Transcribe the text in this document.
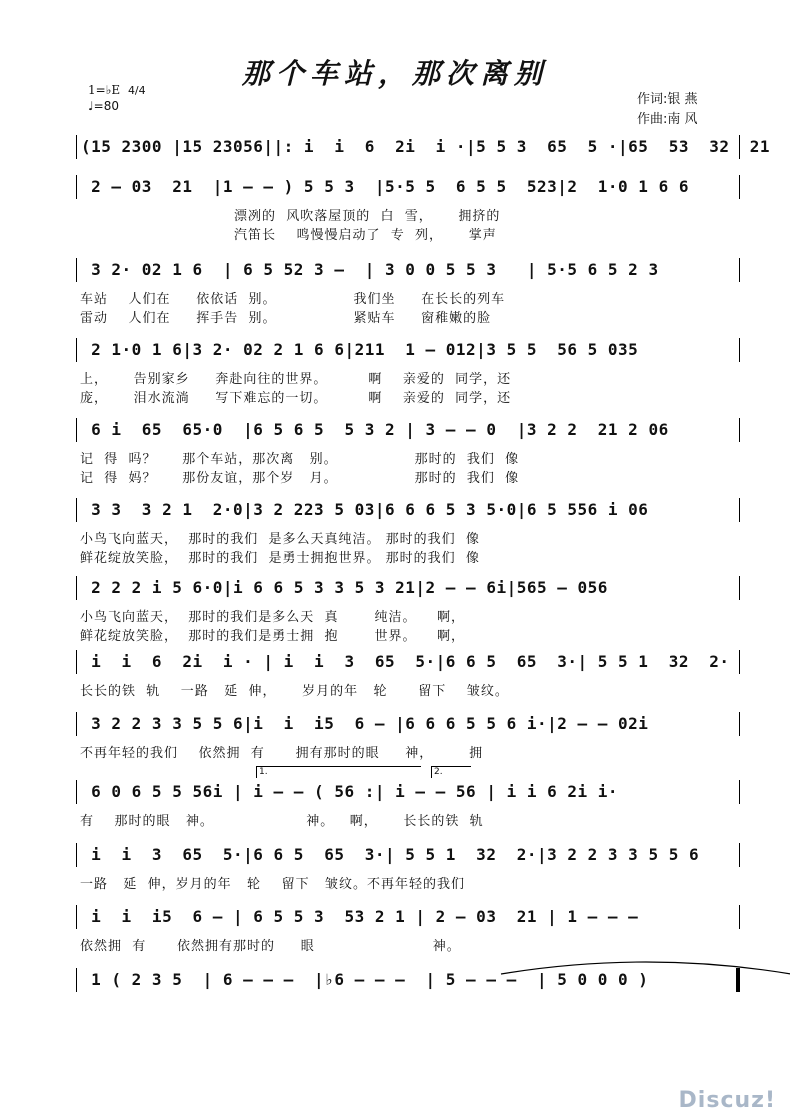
那个车站，那次离别
1=♭E 4/4
♩=80	作词:银 燕
作曲:南 风
(15 2300 |15 23056||: i  i  6  2i  i ·|5 5 3  65  5 ·|65  53  32  21
2 – 03  21  |1 – – ) 5 5 3  |5·5 5  6 5 5  523|2  1·0 1 6 6
漂冽的  风吹落屋顶的  白  雪，     拥挤的
汽笛长    鸣慢慢启动了  专  列，     掌声
3 2· 02 1 6  | 6 5 52 3 –  | 3 0 0 5 5 3   | 5·5 6 5 2 3
车站    人们在     依依话  别。               我们坐     在长长的列车
雷动    人们在     挥手告  别。               紧贴车     窗稚嫩的脸
2 1·0 1 6|3 2· 02 2 1 6 6|211  1 – 012|3 5 5  56 5 035
上，     告别家乡     奔赴向往的世界。        啊    亲爱的  同学，还
庞，     泪水流淌     写下难忘的一切。        啊    亲爱的  同学，还
6 i  65  65·0  |6 5 6 5  5 3 2 | 3 – – 0  |3 2 2  21 2 06
记  得  吗？     那个车站，那次离   别。               那时的  我们  像
记  得  妈？     那份友谊，那个岁   月。               那时的  我们  像
3 3  3 2 1  2·0|3 2 223 5 03|6 6 6 5 3 5·0|6 5 556 i 06
小鸟飞向蓝天，  那时的我们  是多么天真纯洁。 那时的我们  像
鲜花绽放笑脸，  那时的我们  是勇士拥抱世界。 那时的我们  像
2 2 2 i 5 6·0|i 6 6 5 3 3 5 3 21|2 – – 6i|565 – 056
小鸟飞向蓝天，  那时的我们是多么天  真       纯洁。    啊，
鲜花绽放笑脸，  那时的我们是勇士拥  抱       世界。    啊，
i  i  6  2i  i · | i  i  3  65  5·|6 6 5  65  3·| 5 5 1  32  2·
长长的铁  轨    一路   延  伸，     岁月的年   轮      留下    皱纹。
3 2 2 3 3 5 5 6|i  i  i5  6 – |6 6 6 5 5 6 i·|2 – – 02i
不再年轻的我们    依然拥  有      拥有那时的眼     神，       拥
6 0 6 5 5 56i | i – – ( 56 :| i – – 56 | i i 6 2i i·
有    那时的眼   神。                  神。   啊，     长长的铁  轨
1.	2.
i  i  3  65  5·|6 6 5  65  3·| 5 5 1  32  2·|3 2 2 3 3 5 5 6
一路   延  伸，岁月的年   轮    留下   皱纹。不再年轻的我们
i  i  i5  6 – | 6 5 5 3  53 2 1 | 2 – 03  21 | 1 – – –
依然拥  有      依然拥有那时的     眼                       神。
1 ( 2 3 5  | 6 – – –  |♭6 – – –  | 5 – – –  | 5 0 0 0 )
Discuz!
